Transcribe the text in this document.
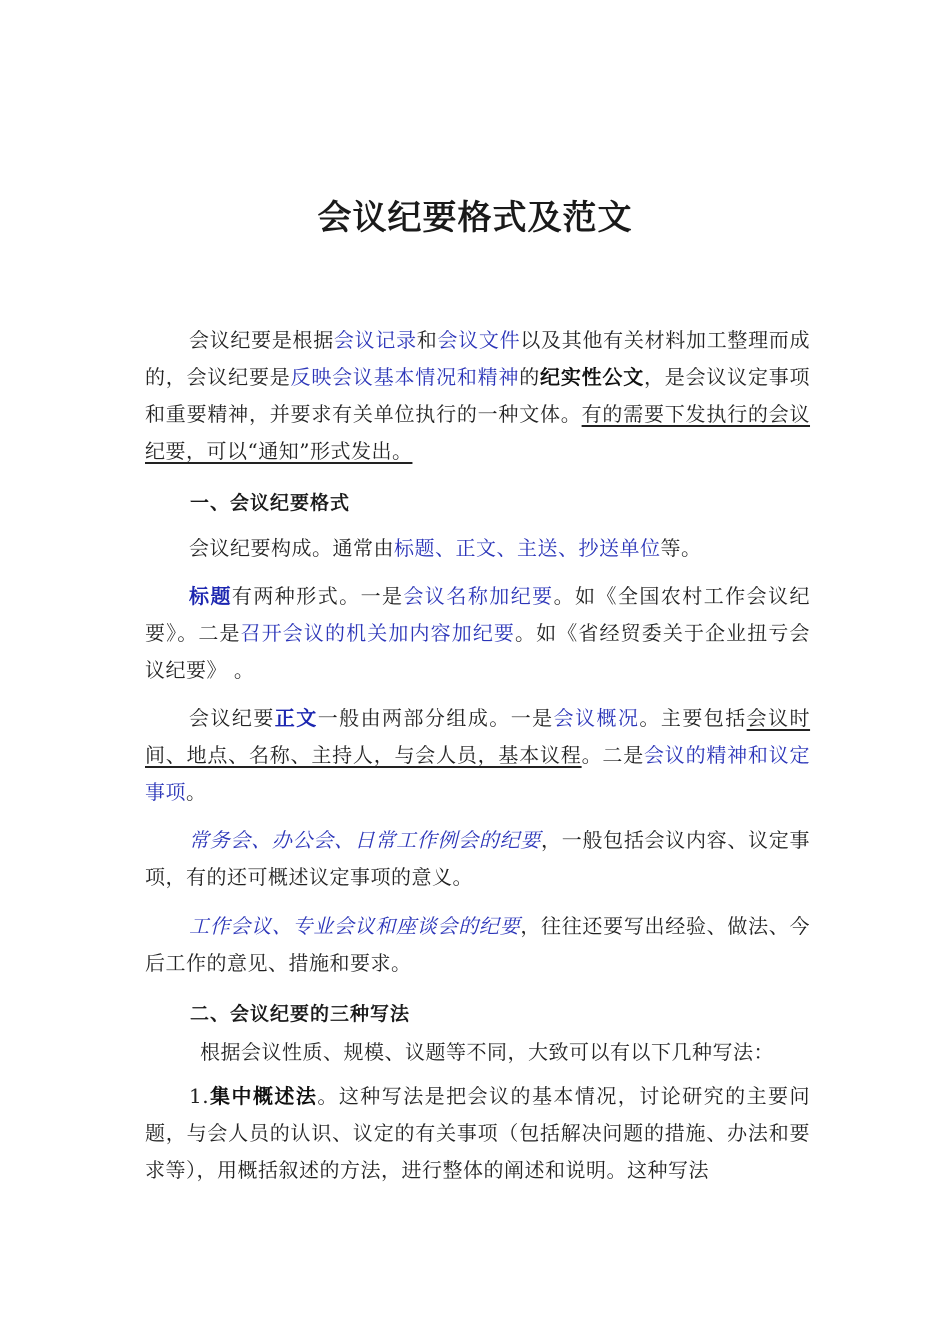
会议纪要格式及范文

会议纪要是根据会议记录和会议文件以及其他有关材料加工整理而成的，会议纪要是反映会议基本情况和精神的纪实性公文，是会议议定事项和重要精神，并要求有关单位执行的一种文体。有的需要下发执行的会议纪要，可以“通知”形式发出。

一、会议纪要格式

会议纪要构成。通常由标题、正文、主送、抄送单位等。

标题有两种形式。一是会议名称加纪要。如《全国农村工作会议纪要》。二是召开会议的机关加内容加纪要。如《省经贸委关于企业扭亏会议纪要》 。

会议纪要正文一般由两部分组成。一是会议概况。主要包括会议时间、地点、名称、主持人，与会人员，基本议程。二是会议的精神和议定事项。

常务会、办公会、日常工作例会的纪要，一般包括会议内容、议定事项，有的还可概述议定事项的意义。

工作会议、专业会议和座谈会的纪要，往往还要写出经验、做法、今后工作的意见、措施和要求。

二、会议纪要的三种写法

根据会议性质、规模、议题等不同，大致可以有以下几种写法：

1.集中概述法。这种写法是把会议的基本情况，讨论研究的主要问题，与会人员的认识、议定的有关事项（包括解决问题的措施、办法和要求等），用概括叙述的方法，进行整体的阐述和说明。这种写法
